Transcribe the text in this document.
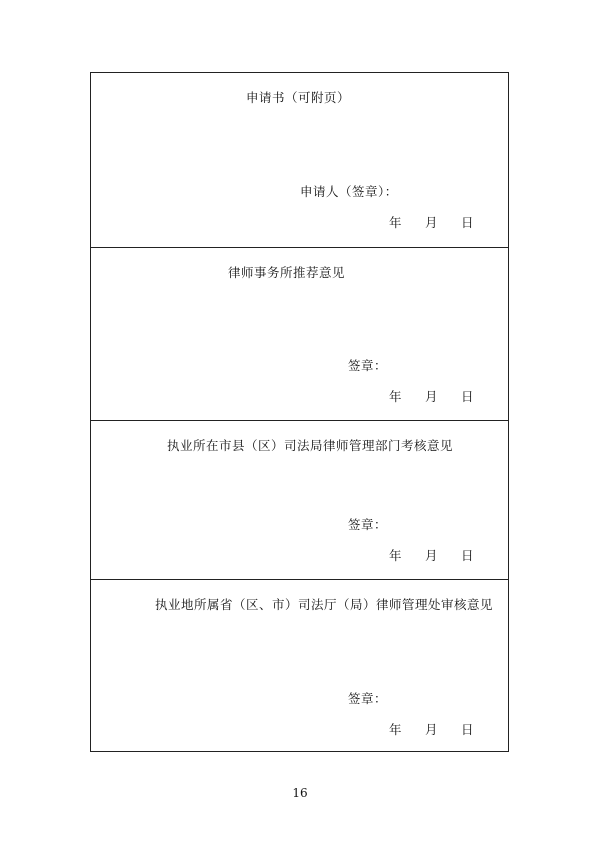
申请书（可附页）
申请人（签章）：
年 月 日
律师事务所推荐意见
签章：
年 月 日
执业所在市县（区）司法局律师管理部门考核意见
签章：
年 月 日
执业地所属省（区、市）司法厅（局）律师管理处审核意见
签章：
年 月 日
16
